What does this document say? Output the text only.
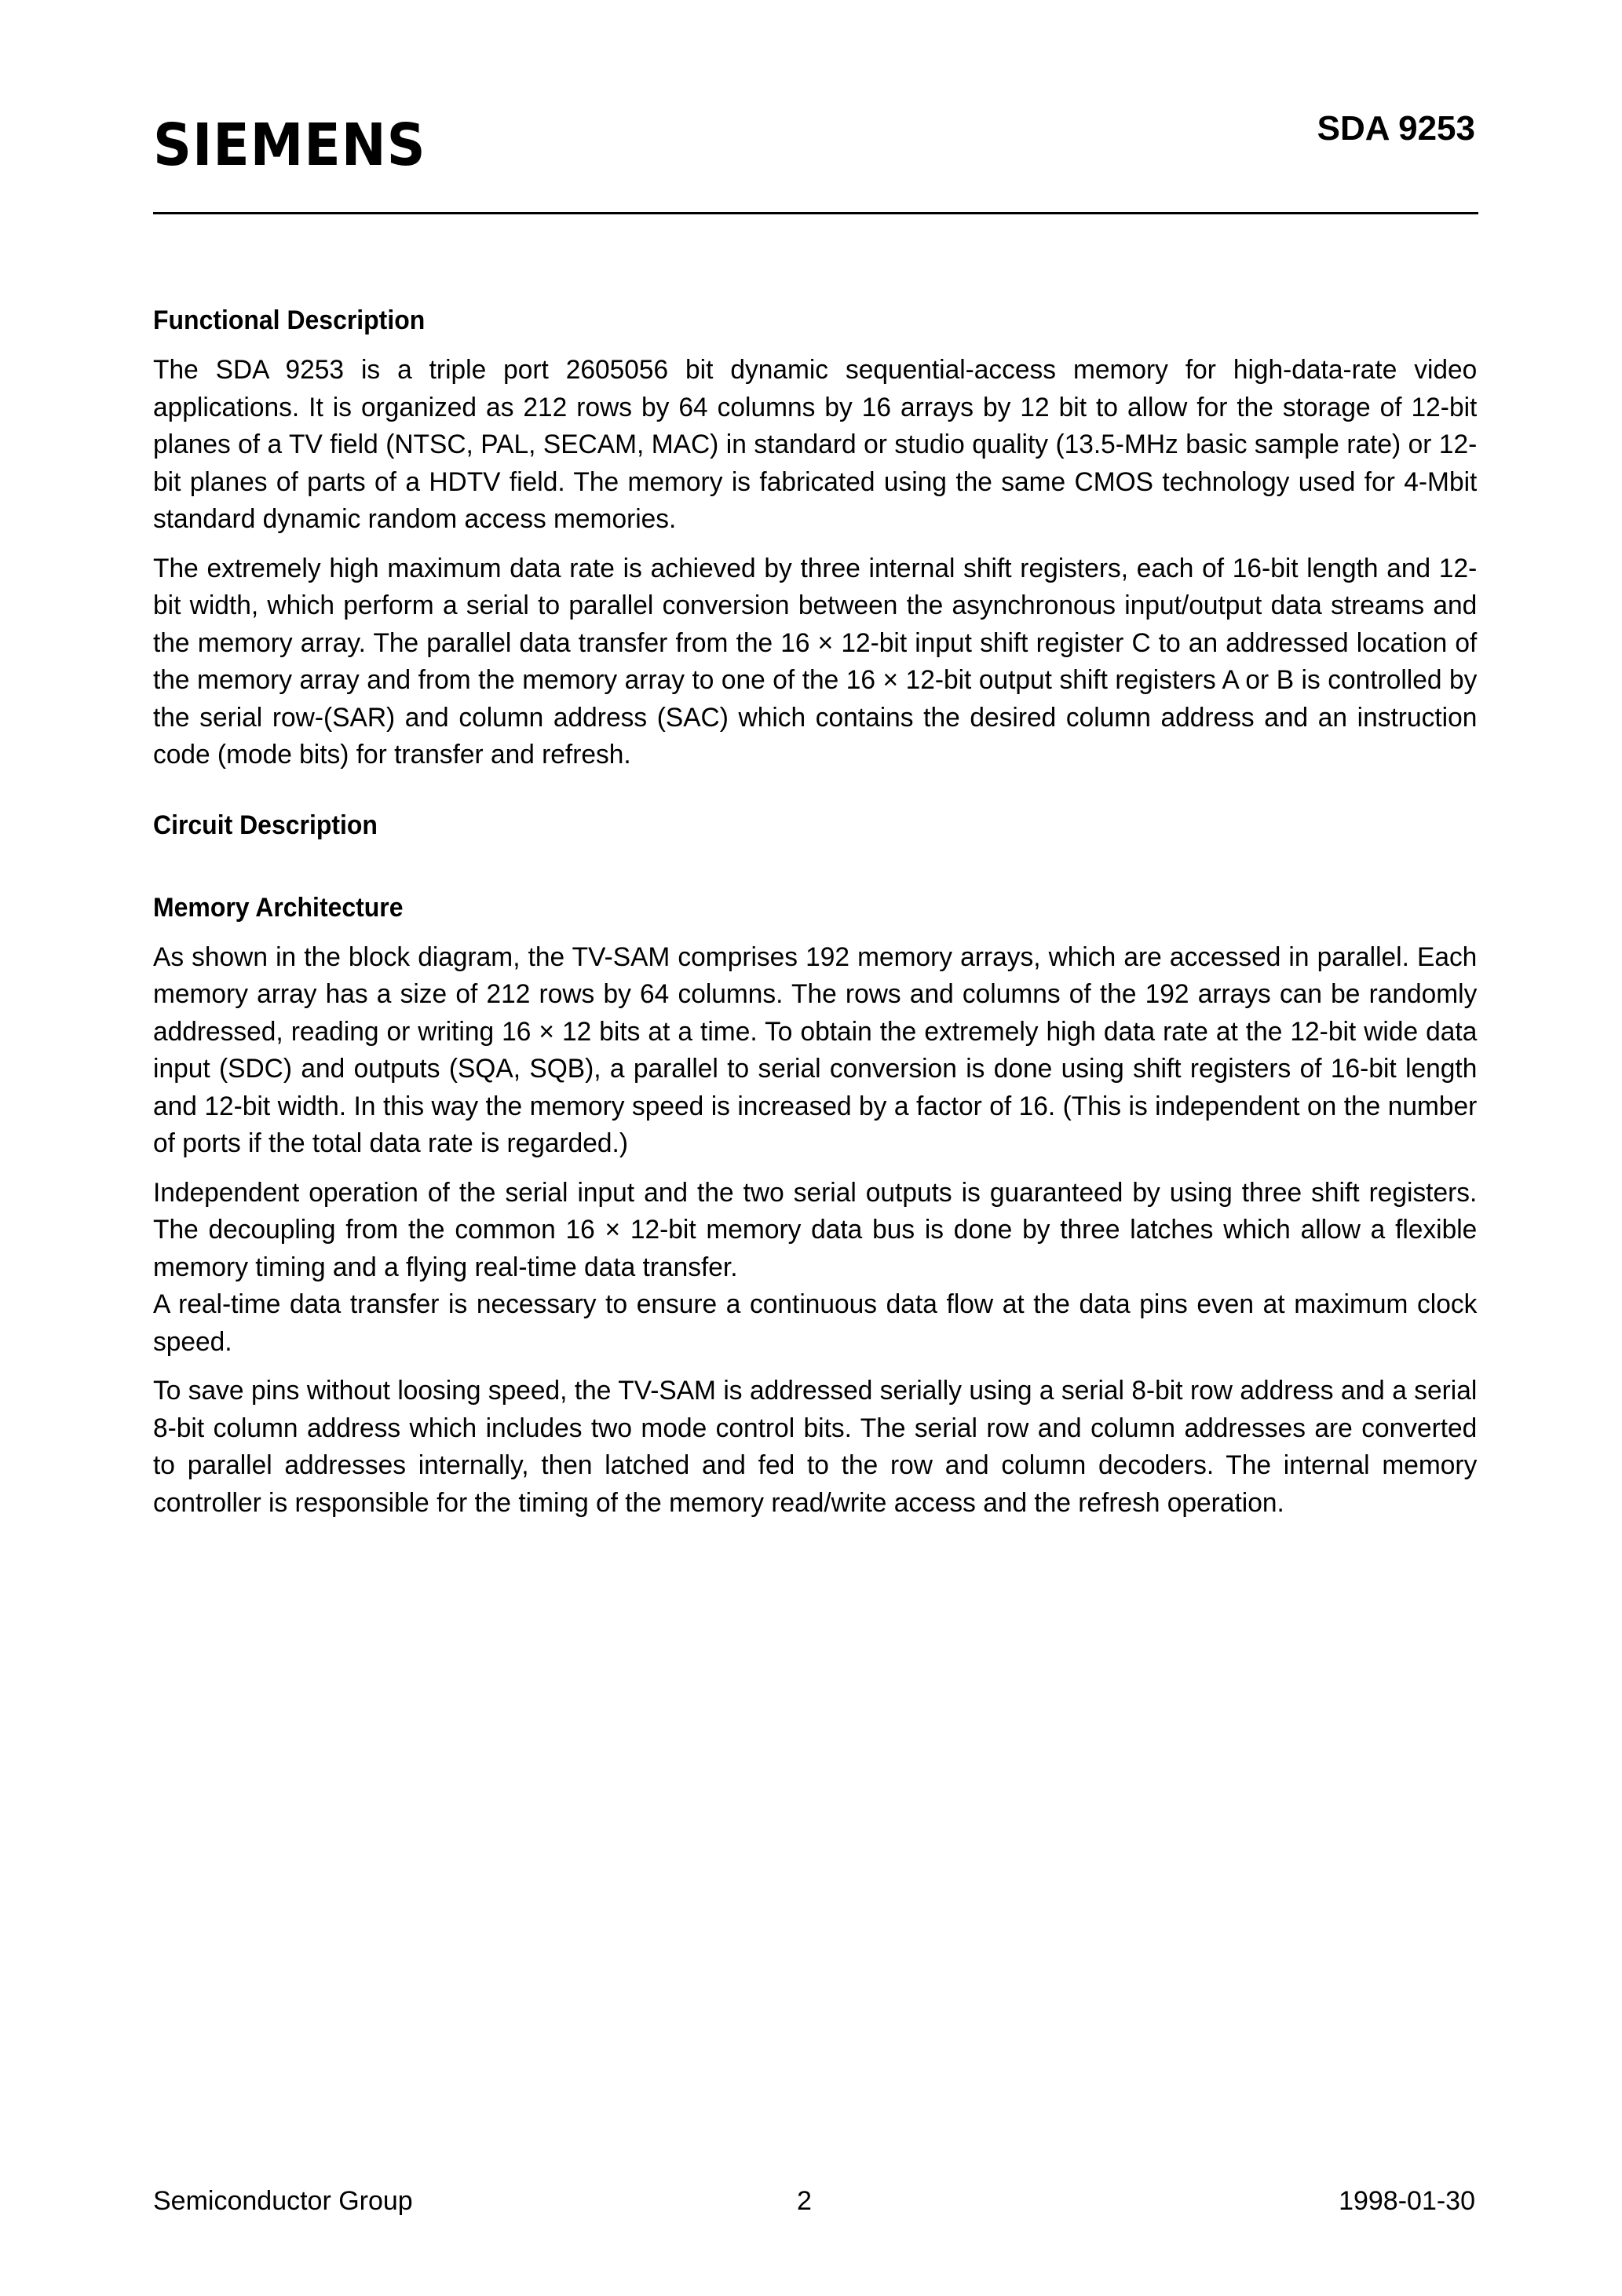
SIEMENS	SDA 9253
Functional Description

The SDA 9253 is a triple port 2605056 bit dynamic sequential-access memory for high-data-rate video applications. It is organized as 212 rows by 64 columns by 16 arrays by 12 bit to allow for the storage of 12-bit planes of a TV field (NTSC, PAL, SECAM, MAC) in standard or studio quality (13.5-MHz basic sample rate) or 12-bit planes of parts of a HDTV field. The memory is fabricated using the same CMOS technology used for 4-Mbit standard dynamic random access memories.

The extremely high maximum data rate is achieved by three internal shift registers, each of 16-bit length and 12-bit width, which perform a serial to parallel conversion between the asynchronous input/output data streams and the memory array. The parallel data transfer from the 16 × 12-bit input shift register C to an addressed location of the memory array and from the memory array to one of the 16 × 12-bit output shift registers A or B is controlled by the serial row-(SAR) and column address (SAC) which contains the desired column address and an instruction code (mode bits) for transfer and refresh.

Circuit Description
Memory Architecture

As shown in the block diagram, the TV-SAM comprises 192 memory arrays, which are accessed in parallel. Each memory array has a size of 212 rows by 64 columns. The rows and columns of the 192 arrays can be randomly addressed, reading or writing 16 × 12 bits at a time. To obtain the extremely high data rate at the 12-bit wide data input (SDC) and outputs (SQA, SQB), a parallel to serial conversion is done using shift registers of 16-bit length and 12-bit width. In this way the memory speed is increased by a factor of 16. (This is independent on the number of ports if the total data rate is regarded.)

Independent operation of the serial input and the two serial outputs is guaranteed by using three shift registers. The decoupling from the common 16 × 12-bit memory data bus is done by three latches which allow a flexible memory timing and a flying real-time data transfer.

A real-time data transfer is necessary to ensure a continuous data flow at the data pins even at maximum clock speed.

To save pins without loosing speed, the TV-SAM is addressed serially using a serial 8-bit row address and a serial 8-bit column address which includes two mode control bits. The serial row and column addresses are converted to parallel addresses internally, then latched and fed to the row and column decoders. The internal memory controller is responsible for the timing of the memory read/write access and the refresh operation.

Semiconductor Group	2	1998-01-30
